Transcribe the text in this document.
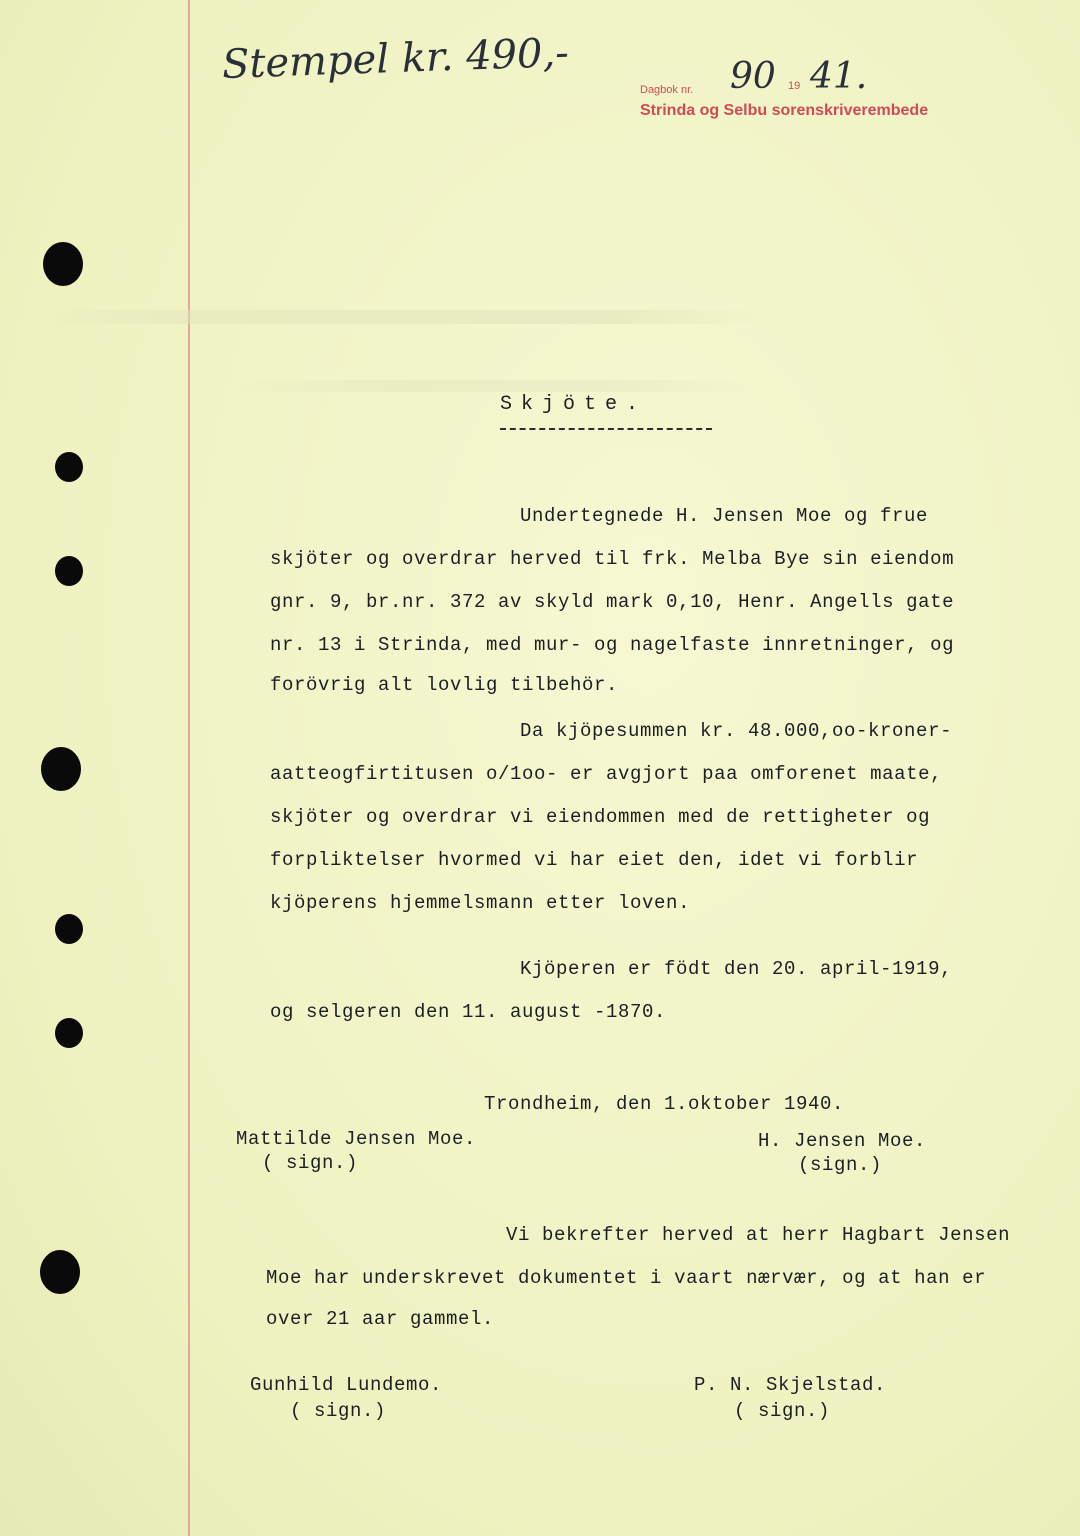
Stempel kr. 490,-
Dagbok nr. 90 19 41.
Strinda og Selbu sorenskriverembede
Skjöte.
Undertegnede H. Jensen Moe og frue
skjöter og overdrar herved til frk. Melba Bye sin eiendom
gnr. 9, br.nr. 372 av skyld mark 0,10, Henr. Angells gate
nr. 13 i Strinda, med mur- og nagelfaste innretninger, og
forövrig alt lovlig tilbehör.
Da kjöpesummen kr. 48.000,oo-kroner-
aatteogfirtitusen o/1oo- er avgjort paa omforenet maate,
skjöter og overdrar vi eiendommen med de rettigheter og
forpliktelser hvormed vi har eiet den, idet vi forblir
kjöperens hjemmelsmann etter loven.
Kjöperen er födt den 20. april-1919,
og selgeren den 11. august -1870.
Trondheim, den 1.oktober 1940.
Mattilde Jensen Moe.
( sign.)
H. Jensen Moe.
(sign.)
Vi bekrefter herved at herr Hagbart Jensen
Moe har underskrevet dokumentet i vaart nærvær, og at han er
over 21 aar gammel.
Gunhild Lundemo.
( sign.)
P. N. Skjelstad.
( sign.)
